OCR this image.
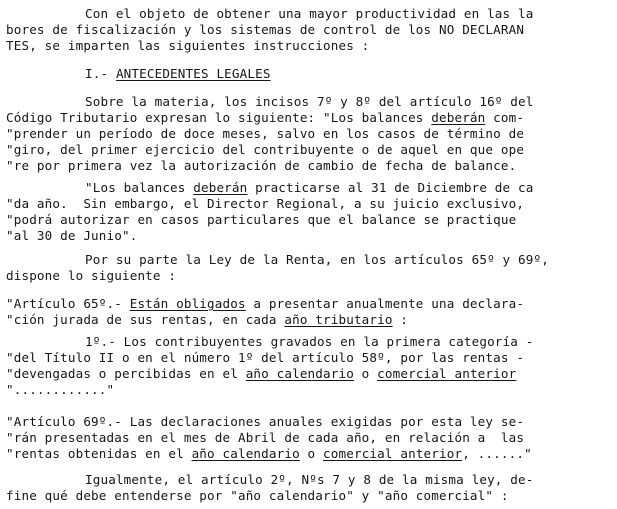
Con el objeto de obtener una mayor productividad en las la
bores de fiscalización y los sistemas de control de los NO DECLARAN
TES, se imparten las siguientes instrucciones :
I.- ANTECEDENTES LEGALES
Sobre la materia, los incisos 7º y 8º del artículo 16º del
Código Tributario expresan lo siguiente: "Los balances deberán com-
"prender un período de doce meses, salvo en los casos de término de
"giro, del primer ejercicio del contribuyente o de aquel en que ope
"re por primera vez la autorización de cambio de fecha de balance.
"Los balances deberán practicarse al 31 de Diciembre de ca
"da año.  Sin embargo, el Director Regional, a su juicio exclusivo,
"podrá autorizar en casos particulares que el balance se practique
"al 30 de Junio".
Por su parte la Ley de la Renta, en los artículos 65º y 69º,
dispone lo siguiente :
"Artículo 65º.- Están obligados a presentar anualmente una declara-
"ción jurada de sus rentas, en cada año tributario :
1º.- Los contribuyentes gravados en la primera categoría -
"del Título II o en el número 1º del artículo 58º, por las rentas -
"devengadas o percibidas en el año calendario o comercial anterior
"............"
"Artículo 69º.- Las declaraciones anuales exigidas por esta ley se-
"rán presentadas en el mes de Abril de cada año, en relación a  las
"rentas obtenidas en el año calendario o comercial anterior, ......"
Igualmente, el artículo 2º, Nºs 7 y 8 de la misma ley, de-
fine qué debe entenderse por "año calendario" y "año comercial" :
